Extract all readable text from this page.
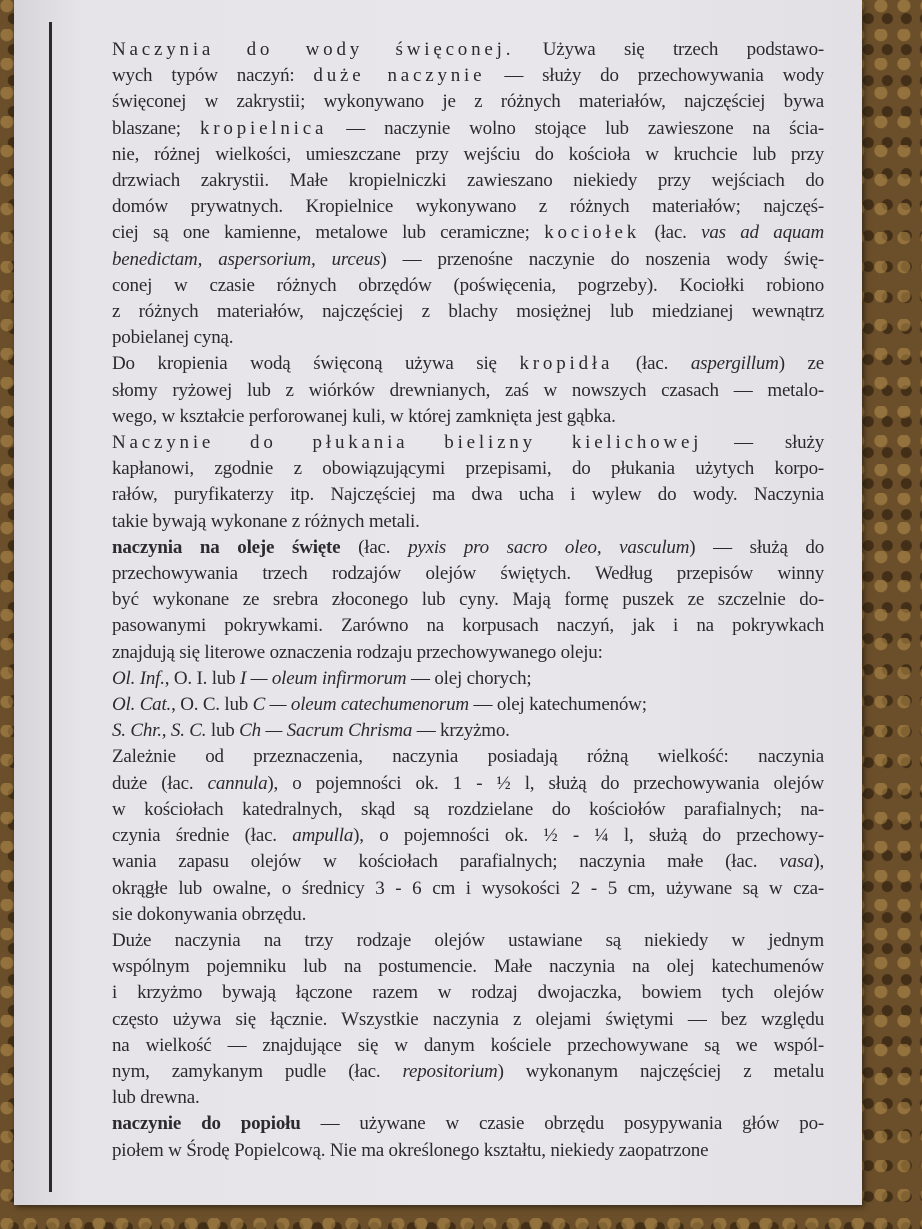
Naczynia do wody święconej. Używa się trzech podstawo-
wych typów naczyń: duże naczynie — służy do przechowywania wody
święconej w zakrystii; wykonywano je z różnych materiałów, najczęściej bywa
blaszane; kropielnica — naczynie wolno stojące lub zawieszone na ścia-
nie, różnej wielkości, umieszczane przy wejściu do kościoła w kruchcie lub przy
drzwiach zakrystii. Małe kropielniczki zawieszano niekiedy przy wejściach do
domów prywatnych. Kropielnice wykonywano z różnych materiałów; najczęś-
ciej są one kamienne, metalowe lub ceramiczne; kociołek (łac. vas ad aquam
benedictam, aspersorium, urceus) — przenośne naczynie do noszenia wody świę-
conej w czasie różnych obrzędów (poświęcenia, pogrzeby). Kociołki robiono
z różnych materiałów, najczęściej z blachy mosiężnej lub miedzianej wewnątrz
pobielanej cyną.
Do kropienia wodą święconą używa się kropidła (łac. aspergillum) ze
słomy ryżowej lub z wiórków drewnianych, zaś w nowszych czasach — metalo-
wego, w kształcie perforowanej kuli, w której zamknięta jest gąbka.
Naczynie do płukania bielizny kielichowej — służy
kapłanowi, zgodnie z obowiązującymi przepisami, do płukania użytych korpo-
rałów, puryfikaterzy itp. Najczęściej ma dwa ucha i wylew do wody. Naczynia
takie bywają wykonane z różnych metali.
naczynia na oleje święte (łac. pyxis pro sacro oleo, vasculum) — służą do
przechowywania trzech rodzajów olejów świętych. Według przepisów winny
być wykonane ze srebra złoconego lub cyny. Mają formę puszek ze szczelnie do-
pasowanymi pokrywkami. Zarówno na korpusach naczyń, jak i na pokrywkach
znajdują się literowe oznaczenia rodzaju przechowywanego oleju:
Ol. Inf., O. I. lub I — oleum infirmorum — olej chorych;
Ol. Cat., O. C. lub C — oleum catechumenorum — olej katechumenów;
S. Chr., S. C. lub Ch — Sacrum Chrisma — krzyżmo.
Zależnie od przeznaczenia, naczynia posiadają różną wielkość: naczynia
duże (łac. cannula), o pojemności ok. 1 - ½ l, służą do przechowywania olejów
w kościołach katedralnych, skąd są rozdzielane do kościołów parafialnych; na-
czynia średnie (łac. ampulla), o pojemności ok. ½ - ¼ l, służą do przechowy-
wania zapasu olejów w kościołach parafialnych; naczynia małe (łac. vasa),
okrągłe lub owalne, o średnicy 3 - 6 cm i wysokości 2 - 5 cm, używane są w cza-
sie dokonywania obrzędu.
Duże naczynia na trzy rodzaje olejów ustawiane są niekiedy w jednym
wspólnym pojemniku lub na postumencie. Małe naczynia na olej katechumenów
i krzyżmo bywają łączone razem w rodzaj dwojaczka, bowiem tych olejów
często używa się łącznie. Wszystkie naczynia z olejami świętymi — bez względu
na wielkość — znajdujące się w danym kościele przechowywane są we wspól-
nym, zamykanym pudle (łac. repositorium) wykonanym najczęściej z metalu
lub drewna.
naczynie do popiołu — używane w czasie obrzędu posypywania głów po-
piołem w Środę Popielcową. Nie ma określonego kształtu, niekiedy zaopatrzone
